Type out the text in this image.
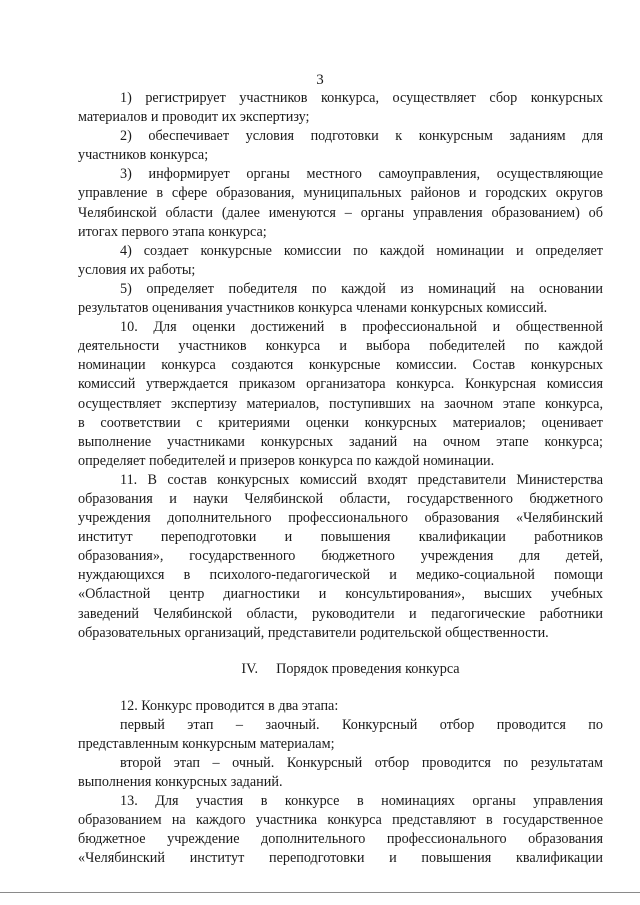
3

1) регистрирует участников конкурса, осуществляет сбор конкурсных
материалов и проводит их экспертизу;

2) обеспечивает условия подготовки к конкурсным заданиям для
участников конкурса;

3) информирует органы местного самоуправления, осуществляющие
управление в сфере образования, муниципальных районов и городских округов
Челябинской области (далее именуются – органы управления образованием) об
итогах первого этапа конкурса;

4) создает конкурсные комиссии по каждой номинации и определяет
условия их работы;

5) определяет победителя по каждой из номинаций на основании
результатов оценивания участников конкурса членами конкурсных комиссий.

10. Для оценки достижений в профессиональной и общественной
деятельности участников конкурса и выбора победителей по каждой
номинации конкурса создаются конкурсные комиссии. Состав конкурсных
комиссий утверждается приказом организатора конкурса. Конкурсная комиссия
осуществляет экспертизу материалов, поступивших на заочном этапе конкурса,
в соответствии с критериями оценки конкурсных материалов; оценивает
выполнение участниками конкурсных заданий на очном этапе конкурса;
определяет победителей и призеров конкурса по каждой номинации.

11. В состав конкурсных комиссий входят представители Министерства
образования и науки Челябинской области, государственного бюджетного
учреждения дополнительного профессионального образования «Челябинский
институт переподготовки и повышения квалификации работников
образования», государственного бюджетного учреждения для детей,
нуждающихся в психолого-педагогической и медико-социальной помощи
«Областной центр диагностики и консультирования», высших учебных
заведений Челябинской области, руководители и педагогические работники
образовательных организаций, представители родительской общественности.

IV. Порядок проведения конкурса

12. Конкурс проводится в два этапа:

первый этап – заочный. Конкурсный отбор проводится по
представленным конкурсным материалам;

второй этап – очный. Конкурсный отбор проводится по результатам
выполнения конкурсных заданий.

13. Для участия в конкурсе в номинациях органы управления
образованием на каждого участника конкурса представляют в государственное
бюджетное учреждение дополнительного профессионального образования
«Челябинский институт переподготовки и повышения квалификации
